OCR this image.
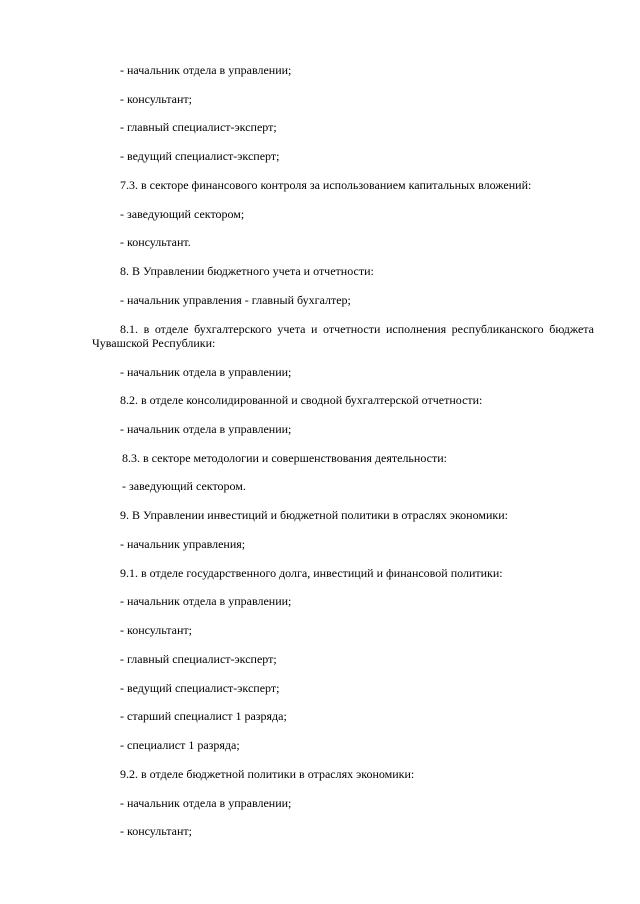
- начальник отдела в управлении;
- консультант;
- главный специалист-эксперт;
- ведущий специалист-эксперт;
7.3. в секторе финансового контроля за использованием капитальных вложений:
- заведующий сектором;
- консультант.
8. В Управлении бюджетного учета и отчетности:
- начальник управления - главный бухгалтер;
8.1. в отделе бухгалтерского учета и отчетности исполнения республиканского бюджета Чувашской Республики:
- начальник отдела в управлении;
8.2. в отделе консолидированной и сводной бухгалтерской отчетности:
- начальник отдела в управлении;
8.3. в секторе методологии и совершенствования деятельности:
- заведующий сектором.
9. В Управлении инвестиций и бюджетной политики в отраслях экономики:
- начальник управления;
9.1. в отделе государственного долга, инвестиций и финансовой политики:
- начальник отдела в управлении;
- консультант;
- главный специалист-эксперт;
- ведущий специалист-эксперт;
- старший специалист 1 разряда;
- специалист 1 разряда;
9.2. в отделе бюджетной политики в отраслях экономики:
- начальник отдела в управлении;
- консультант;
